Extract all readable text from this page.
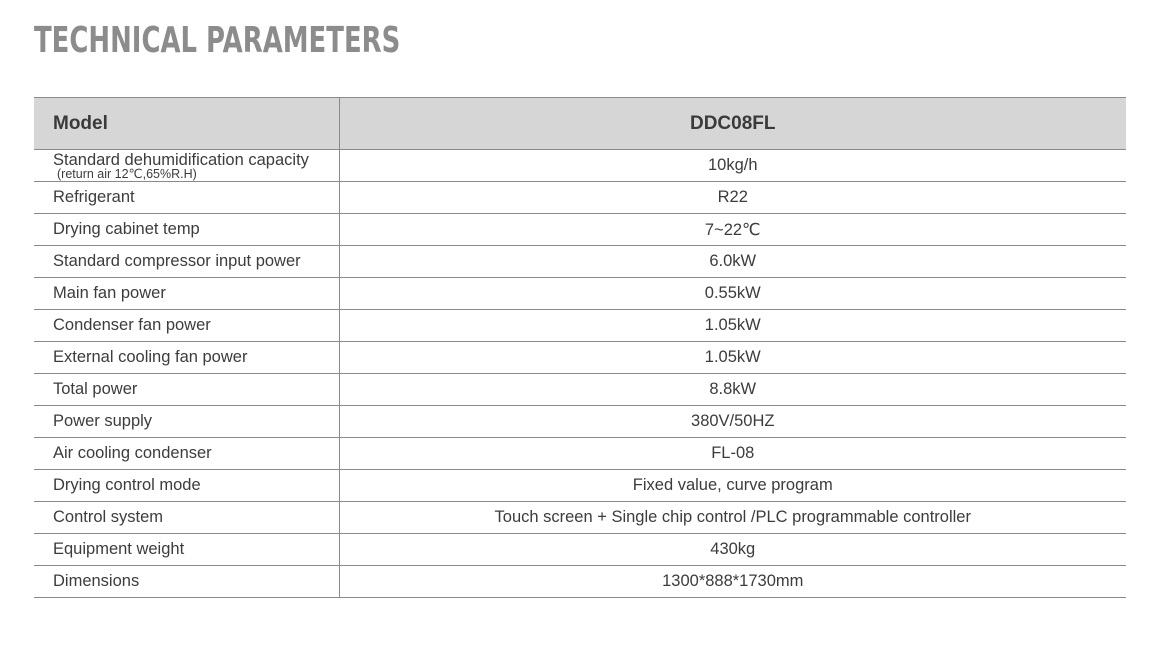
TECHNICAL PARAMETERS
Model	DDC08FL

Standard dehumidification capacity
(return air 12℃,65%R.H)	10kg/h
Refrigerant	R22
Drying cabinet temp	7~22℃
Standard compressor input power	6.0kW
Main fan power	0.55kW
Condenser fan power	1.05kW
External cooling fan power	1.05kW
Total power	8.8kW
Power supply	380V/50HZ
Air cooling condenser	FL-08
Drying control mode	Fixed value, curve program
Control system	Touch screen + Single chip control /PLC programmable controller
Equipment weight	430kg
Dimensions	1300*888*1730mm
